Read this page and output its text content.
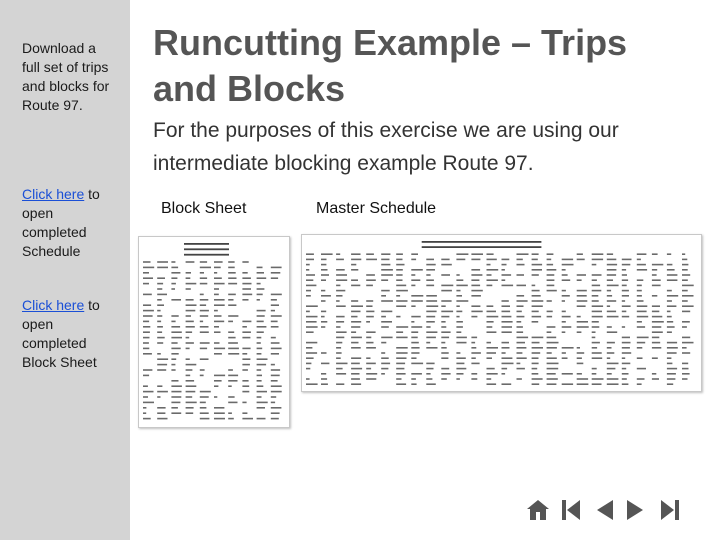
Download a full set of trips and blocks for Route 97.
Click here to open completed Schedule
Click here to open completed Block Sheet
Runcutting Example – Trips and Blocks
For the purposes of this exercise we are using our intermediate blocking example Route 97.
Block Sheet	Master Schedule
